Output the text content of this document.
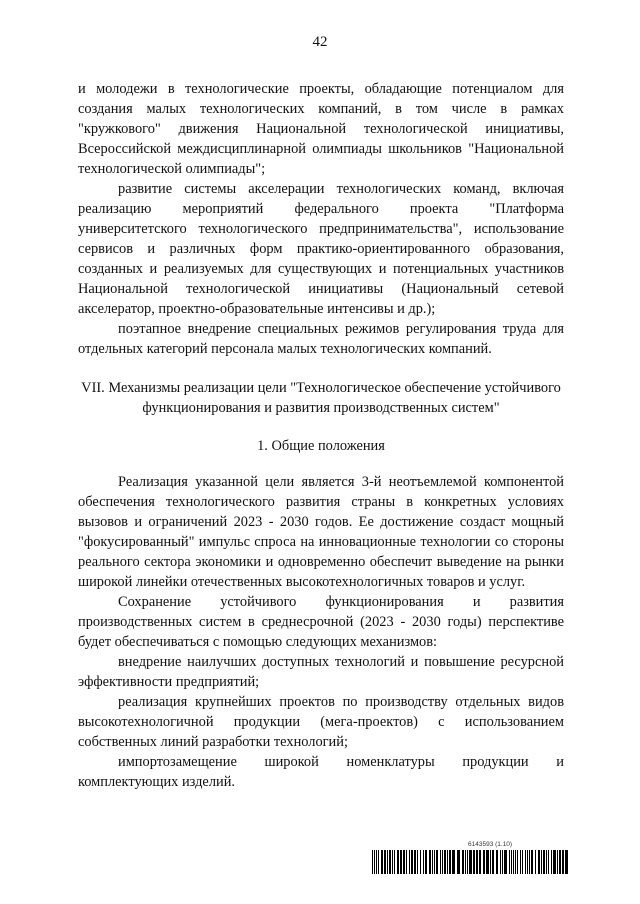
42

и молодежи в технологические проекты, обладающие потенциалом для создания малых технологических компаний, в том числе в рамках "кружкового" движения Национальной технологической инициативы, Всероссийской междисциплинарной олимпиады школьников "Национальной технологической олимпиады";

развитие системы акселерации технологических команд, включая реализацию мероприятий федерального проекта "Платформа университетского технологического предпринимательства", использование сервисов и различных форм практико-ориентированного образования, созданных и реализуемых для существующих и потенциальных участников Национальной технологической инициативы (Национальный сетевой акселератор, проектно-образовательные интенсивы и др.);

поэтапное внедрение специальных режимов регулирования труда для отдельных категорий персонала малых технологических компаний.

VII. Механизмы реализации цели "Технологическое обеспечение устойчивого функционирования и развития производственных систем"

1. Общие положения

Реализация указанной цели является 3-й неотъемлемой компонентой обеспечения технологического развития страны в конкретных условиях вызовов и ограничений 2023 - 2030 годов. Ее достижение создаст мощный "фокусированный" импульс спроса на инновационные технологии со стороны реального сектора экономики и одновременно обеспечит выведение на рынки широкой линейки отечественных высокотехнологичных товаров и услуг.

Сохранение устойчивого функционирования и развития производственных систем в среднесрочной (2023 - 2030 годы) перспективе будет обеспечиваться с помощью следующих механизмов:

внедрение наилучших доступных технологий и повышение ресурсной эффективности предприятий;

реализация крупнейших проектов по производству отдельных видов высокотехнологичной продукции (мега-проектов) с использованием собственных линий разработки технологий;

импортозамещение широкой номенклатуры продукции и комплектующих изделий.

6143593 (1.10)
